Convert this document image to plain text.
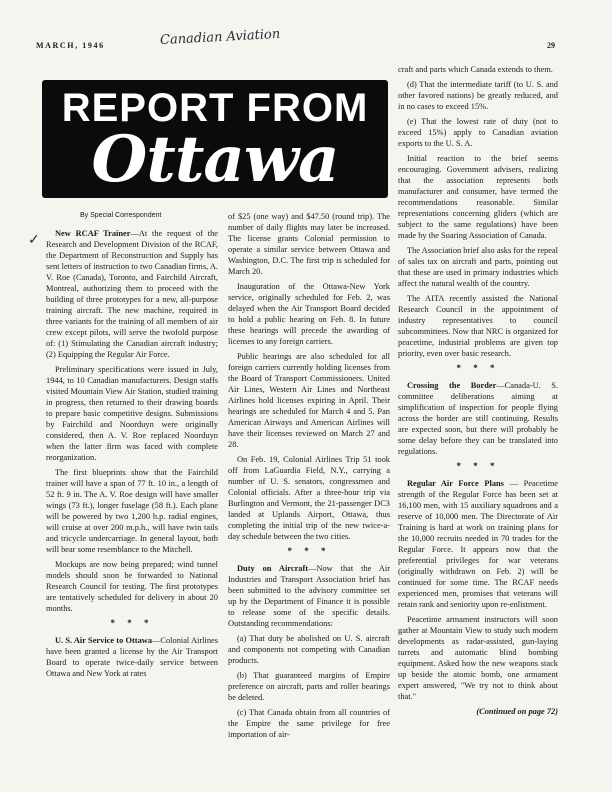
MARCH, 1946	Canadian Aviation	29
REPORT FROM
Ottawa
✓
By Special Correspondent

New RCAF Trainer—At the request of the Research and Development Division of the RCAF, the Department of Reconstruction and Supply has sent letters of instruction to two Canadian firms, A. V. Roe (Canada), Toronto, and Fairchild Aircraft, Montreal, authorizing them to proceed with the building of three prototypes for a new, all-purpose training aircraft. The new machine, required in three variants for the training of all members of air crew except pilots, will serve the twofold purpose of: (1) Stimulating the Canadian aircraft industry; (2) Equipping the Regular Air Force.

Preliminary specifications were issued in July, 1944, to 10 Canadian manufacturers. Design staffs visited Mountain View Air Station, studied training in progress, then returned to their drawing boards to prepare basic competitive designs. Submissions by Fairchild and Noorduyn were originally considered, then A. V. Roe replaced Noorduyn when the latter firm was faced with complete reorganization.

The first blueprints show that the Fairchild trainer will have a span of 77 ft. 10 in., a length of 52 ft. 9 in. The A. V. Roe design will have smaller wings (73 ft.), longer fuselage (58 ft.). Each plane will be powered by two 1,200 h.p. radial engines, will cruise at over 200 m.p.h., will have twin tails and tricycle undercarriage. In general layout, both will bear some resemblance to the Mitchell.

Mockups are now being prepared; wind tunnel models should soon be forwarded to National Research Council for testing. The first prototypes are tentatively scheduled for delivery in about 20 months.

* * *

U. S. Air Service to Ottawa—Colonial Airlines have been granted a license by the Air Transport Board to operate twice-daily service between Ottawa and New York at rates

of $25 (one way) and $47.50 (round trip). The number of daily flights may later be increased. The license grants Colonial permission to operate a similar service between Ottawa and Washington, D.C. The first trip is scheduled for March 20.

Inauguration of the Ottawa-New York service, originally scheduled for Feb. 2, was delayed when the Air Transport Board decided to hold a public hearing on Feb. 8. In future these hearings will precede the awarding of licenses to any foreign carriers.

Public hearings are also scheduled for all foreign carriers currently holding licenses from the Board of Transport Commissioners. United Air Lines, Western Air Lines and Northeast Airlines hold licenses expiring in April. Their hearings are scheduled for March 4 and 5. Pan American Airways and American Airlines will have their licenses reviewed on March 27 and 28.

On Feb. 19, Colonial Airlines Trip 51 took off from LaGuardia Field, N.Y., carrying a number of U. S. senators, congressmen and Colonial officials. After a three-hour trip via Burlington and Vermont, the 21-passenger DC3 landed at Uplands Airport, Ottawa, thus completing the initial trip of the new twice-a-day schedule between the two cities.

* * *

Duty on Aircraft—Now that the Air Industries and Transport Association brief has been submitted to the advisory committee set up by the Department of Finance it is possible to release some of the specific details. Outstanding recommendations:

(a) That duty be abolished on U. S. aircraft and components not competing with Canadian products.

(b) That guaranteed margins of Empire preference on aircraft, parts and roller bearings be deleted.

(c) That Canada obtain from all countries of the Empire the same privilege for free importation of air-

craft and parts which Canada extends to them.

(d) That the intermediate tariff (to U. S. and other favored nations) be greatly reduced, and in no cases to exceed 15%.

(e) That the lowest rate of duty (not to exceed 15%) apply to Canadian aviation exports to the U. S. A.

Initial reaction to the brief seems encouraging. Government advisers, realizing that the association represents both manufacturer and consumer, have termed the recommendations reasonable. Similar representations concerning gliders (which are subject to the same regulations) have been made by the Soaring Association of Canada.

The Association brief also asks for the repeal of sales tax on aircraft and parts, pointing out that these are used in primary industries which affect the natural wealth of the country.

The AITA recently assisted the National Research Council in the appointment of industry representatives to council subcommittees. Now that NRC is organized for peacetime, industrial problems are given top priority, even over basic research.

* * *

Crossing the Border—Canada-U. S. committee deliberations aiming at simplification of inspection for people flying across the border are still continuing. Results are expected soon, but there will probably be some delay before they can be translated into regulations.

* * *

Regular Air Force Plans — Peacetime strength of the Regular Force has been set at 16,100 men, with 15 auxiliary squadrons and a reserve of 10,000 men. The Directorate of Air Training is hard at work on training plans for the 10,000 recruits needed in 70 trades for the Regular Force. It appears now that the preferential privileges for war veterans (originally withdrawn on Feb. 2) will be continued for some time. The RCAF needs experienced men, promises that veterans will retain rank and seniority upon re-enlistment.

Peacetime armament instructors will soon gather at Mountain View to study such modern developments as radar-assisted, gun-laying turrets and automatic blind bombing equipment. Asked how the new weapons stack up beside the atomic bomb, one armament expert answered, "We try not to think about that."

(Continued on page 72)
